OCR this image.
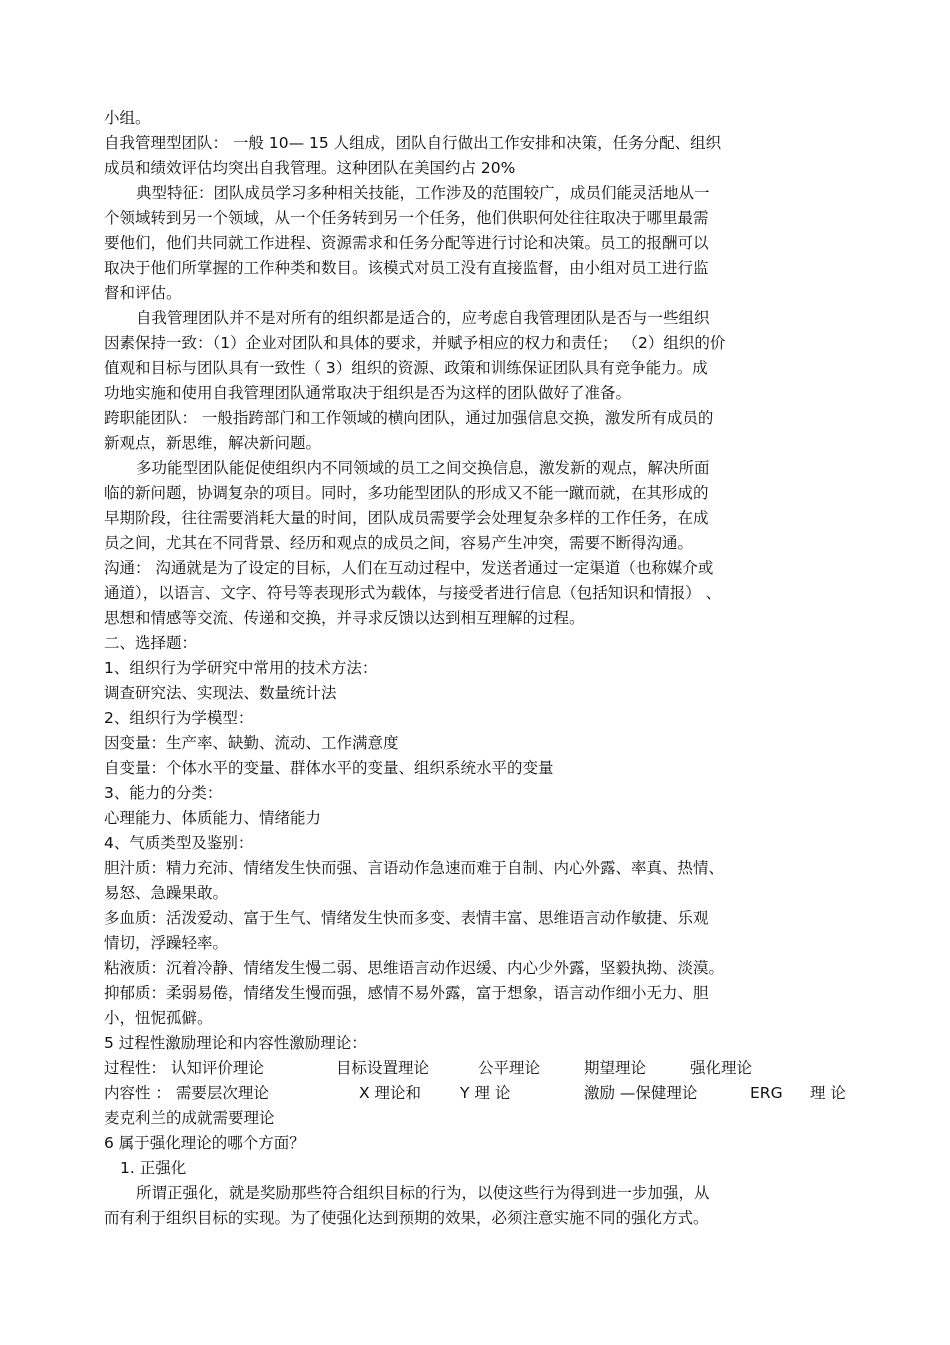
小组。
自我管理型团队： 一般 10— 15 人组成，团队自行做出工作安排和决策，任务分配、组织
成员和绩效评估均突出自我管理。这种团队在美国约占 20%
典型特征：团队成员学习多种相关技能，工作涉及的范围较广，成员们能灵活地从一
个领域转到另一个领域，从一个任务转到另一个任务，他们供职何处往往取决于哪里最需
要他们，他们共同就工作进程、资源需求和任务分配等进行讨论和决策。员工的报酬可以
取决于他们所掌握的工作种类和数目。该模式对员工没有直接监督，由小组对员工进行监
督和评估。
自我管理团队并不是对所有的组织都是适合的，应考虑自我管理团队是否与一些组织
因素保持一致：（1）企业对团队和具体的要求，并赋予相应的权力和责任； （2）组织的价
值观和目标与团队具有一致性（ 3）组织的资源、政策和训练保证团队具有竞争能力。成
功地实施和使用自我管理团队通常取决于组织是否为这样的团队做好了准备。
跨职能团队： 一般指跨部门和工作领域的横向团队，通过加强信息交换，激发所有成员的
新观点，新思维，解决新问题。
多功能型团队能促使组织内不同领域的员工之间交换信息，激发新的观点，解决所面
临的新问题，协调复杂的项目。同时，多功能型团队的形成又不能一蹴而就，在其形成的
早期阶段，往往需要消耗大量的时间，团队成员需要学会处理复杂多样的工作任务，在成
员之间，尤其在不同背景、经历和观点的成员之间，容易产生冲突，需要不断得沟通。
沟通： 沟通就是为了设定的目标，人们在互动过程中，发送者通过一定渠道（也称媒介或
通道），以语言、文字、符号等表现形式为载体，与接受者进行信息（包括知识和情报） 、
思想和情感等交流、传递和交换，并寻求反馈以达到相互理解的过程。
二、选择题：
1、组织行为学研究中常用的技术方法：
调查研究法、实现法、数量统计法
2、组织行为学模型：
因变量：生产率、缺勤、流动、工作满意度
自变量：个体水平的变量、群体水平的变量、组织系统水平的变量
3、能力的分类：
心理能力、体质能力、情绪能力
4、气质类型及鉴别：
胆汁质：精力充沛、情绪发生快而强、言语动作急速而难于自制、内心外露、率真、热情、
易怒、急躁果敢。
多血质：活泼爱动、富于生气、情绪发生快而多变、表情丰富、思维语言动作敏捷、乐观
情切，浮躁轻率。
粘液质：沉着冷静、情绪发生慢二弱、思维语言动作迟缓、内心少外露，坚毅执拗、淡漠。
抑郁质：柔弱易倦，情绪发生慢而强，感情不易外露，富于想象，语言动作细小无力、胆
小，忸怩孤僻。
5 过程性激励理论和内容性激励理论：
过程性： 认知评价理论	目标设置理论	公平理论	期望理论	强化理论
内容性 ： 需要层次理论	X 理论和	Y 理 论	激励 —保健理论	ERG 理 论
麦克利兰的成就需要理论
6 属于强化理论的哪个方面？
1. 正强化
所谓正强化，就是奖励那些符合组织目标的行为，以使这些行为得到进一步加强，从
而有利于组织目标的实现。为了使强化达到预期的效果，必须注意实施不同的强化方式。
